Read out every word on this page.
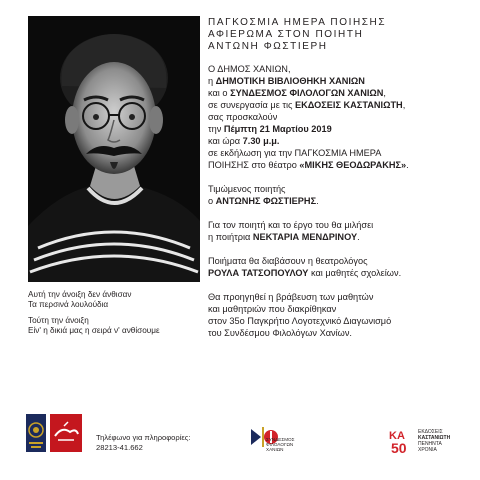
ΠΑΓΚΟΣΜΙΑ ΗΜΕΡΑ ΠΟΙΗΣΗΣ
ΑΦΙΕΡΩΜΑ ΣΤΟΝ ΠΟΙΗΤΗ
ΑΝΤΩΝΗ ΦΩΣΤΙΕΡΗ
Ο ΔΗΜΟΣ ΧΑΝΙΩΝ,
η ΔΗΜΟΤΙΚΗ ΒΙΒΛΙΟΘΗΚΗ ΧΑΝΙΩΝ
και ο ΣΥΝΔΕΣΜΟΣ ΦΙΛΟΛΟΓΩΝ ΧΑΝΙΩΝ,
σε συνεργασία με τις ΕΚΔΟΣΕΙΣ ΚΑΣΤΑΝΙΩΤΗ,
σας προσκαλούν
την Πέμπτη 21 Μαρτίου 2019
και ώρα 7.30 μ.μ.
σε εκδήλωση για την ΠΑΓΚΟΣΜΙΑ ΗΜΕΡΑ
ΠΟΙΗΣΗΣ στο θέατρο «ΜΙΚΗΣ ΘΕΟΔΩΡΑΚΗΣ».
Τιμώμενος ποιητής
ο ΑΝΤΩΝΗΣ ΦΩΣΤΙΕΡΗΣ.
Για τον ποιητή και το έργο του θα μιλήσει
η ποιήτρια ΝΕΚΤΑΡΙΑ ΜΕΝΔΡΙΝΟΥ.
Ποιήματα θα διαβάσουν η θεατρολόγος
ΡΟΥΛΑ ΤΑΤΣΟΠΟΥΛΟΥ και μαθητές σχολείων.
Θα προηγηθεί η βράβευση των μαθητών
και μαθητριών που διακρίθηκαν
στον 35ο Παγκρήτιο Λογοτεχνικό Διαγωνισμό
του Συνδέσμου Φιλολόγων Χανίων.
Αυτή την άνοιξη δεν άνθισαν
Τα περσινά λουλούδια
Τούτη την άνοιξη
Είν' η δικιά μας η σειρά ν' ανθίσουμε
Τηλέφωνο για πληροφορίες:
28213-41.662
ΣΥΝΔΕΣΜΟΣ
ΦΙΛΟΛΟΓΩΝ
ΧΑΝΙΩΝ
ΚΑ
50
ΕΚΔΟΣΕΙΣ
ΚΑΣΤΑΝΙΩΤΗ
ΠΕΝΗΝΤΑ
ΧΡΟΝΙΑ
